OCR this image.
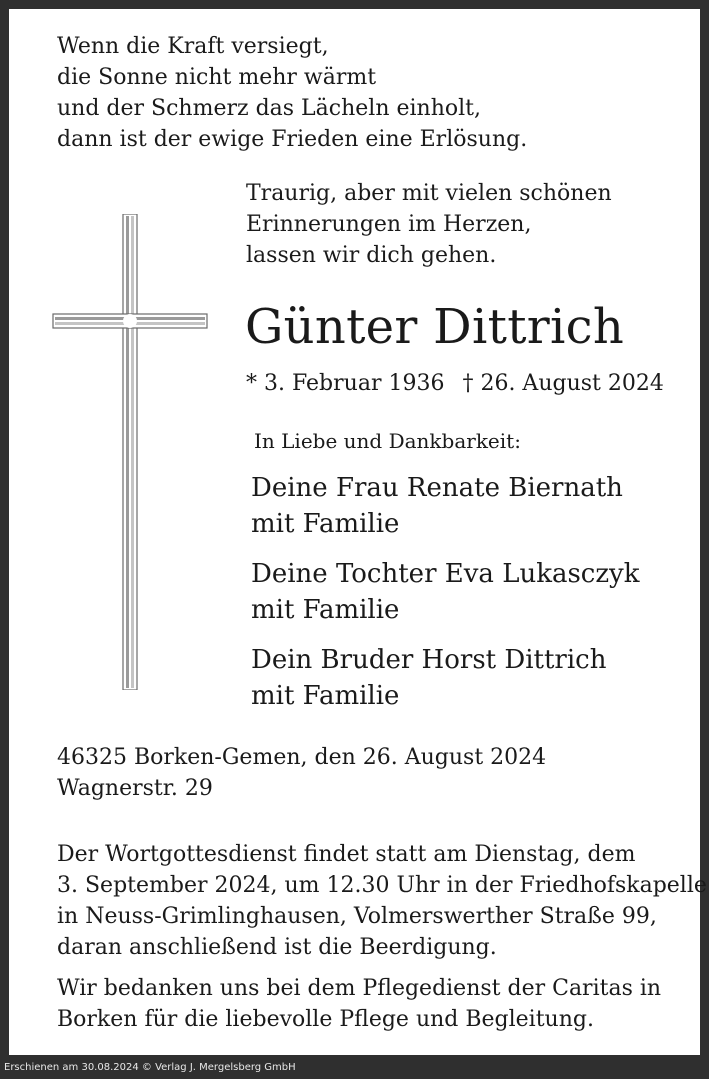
Wenn die Kraft versiegt,
die Sonne nicht mehr wärmt
und der Schmerz das Lächeln einholt,
dann ist der ewige Frieden eine Erlösung.
Traurig, aber mit vielen schönen
Erinnerungen im Herzen,
lassen wir dich gehen.
Günter Dittrich
* 3. Februar 1936 † 26. August 2024
In Liebe und Dankbarkeit:
Deine Frau Renate Biernath
mit Familie
Deine Tochter Eva Lukasczyk
mit Familie
Dein Bruder Horst Dittrich
mit Familie
46325 Borken-Gemen, den 26. August 2024
Wagnerstr. 29
Der Wortgottesdienst findet statt am Dienstag, dem
3. September 2024, um 12.30 Uhr in der Friedhofskapelle
in Neuss-Grimlinghausen, Volmerswerther Straße 99,
daran anschließend ist die Beerdigung.
Wir bedanken uns bei dem Pflegedienst der Caritas in
Borken für die liebevolle Pflege und Begleitung.
Erschienen am 30.08.2024 © Verlag J. Mergelsberg GmbH
